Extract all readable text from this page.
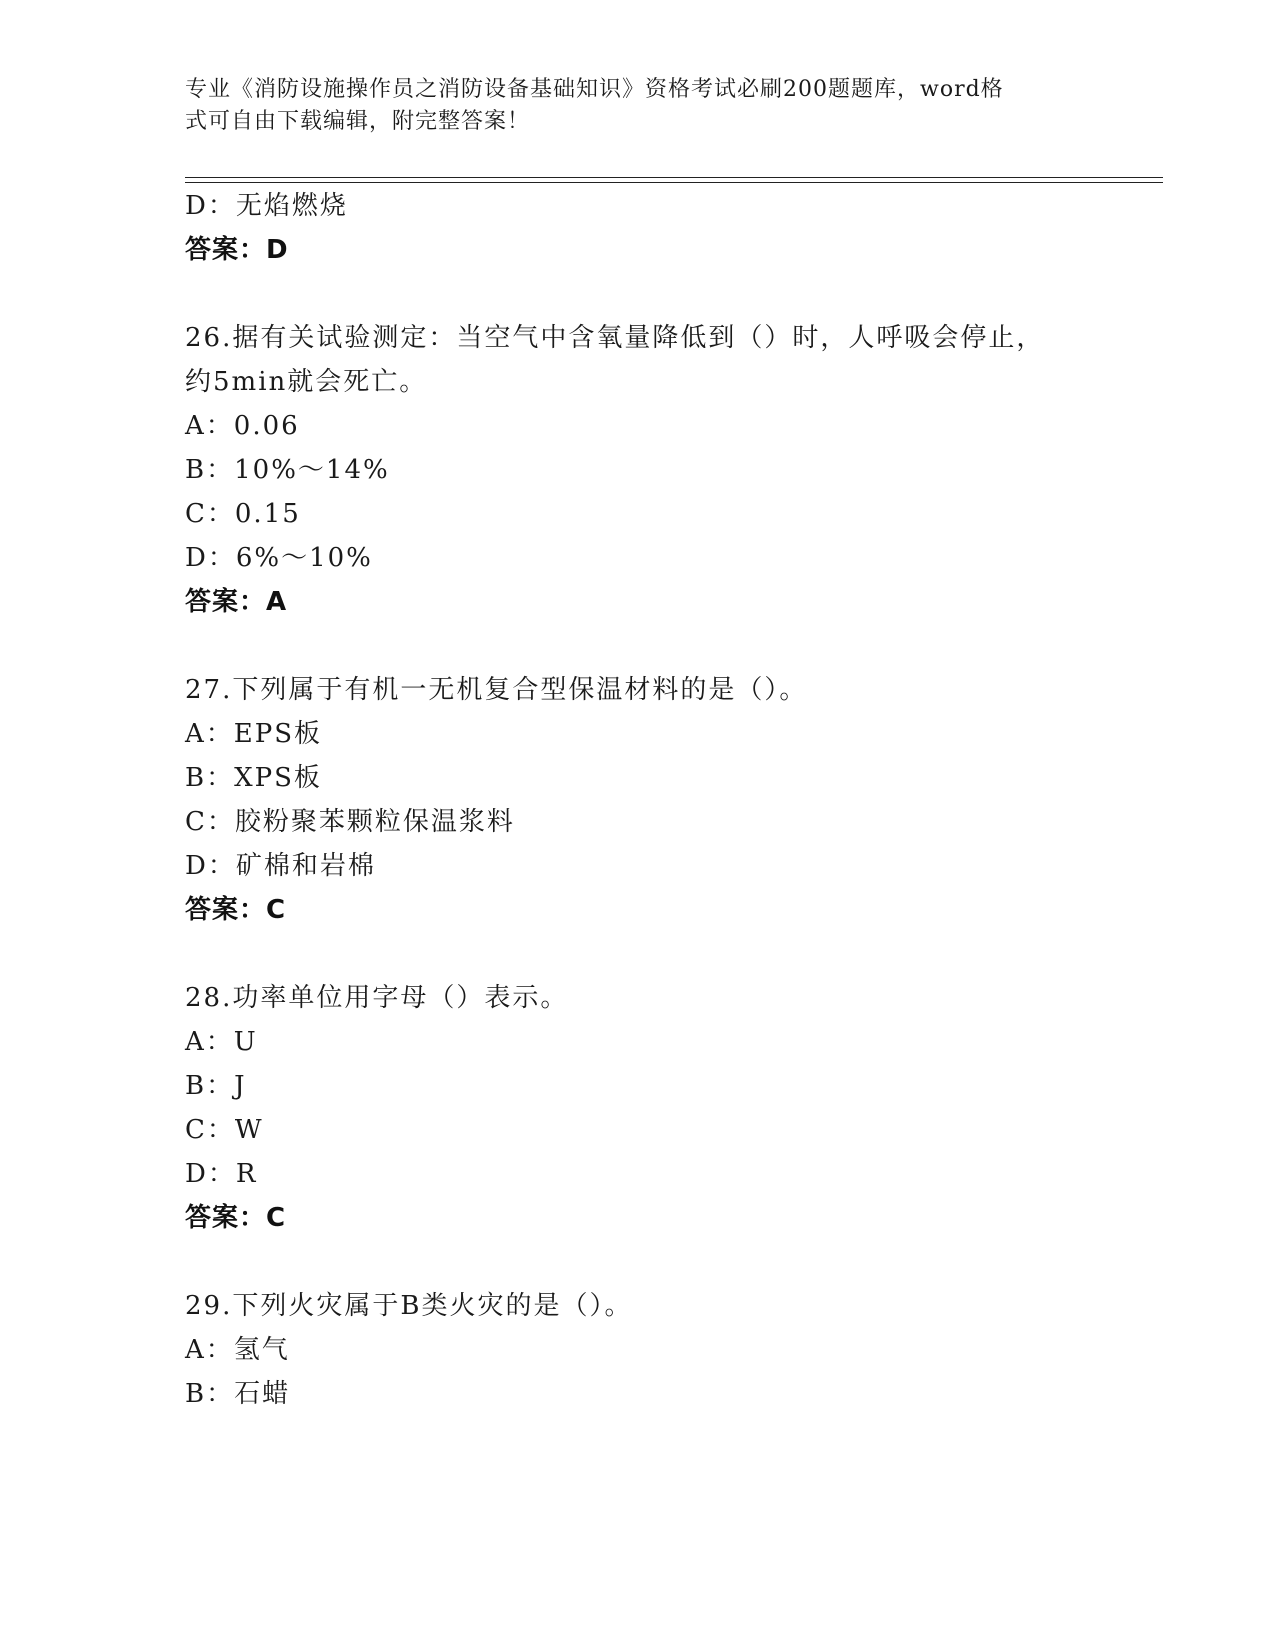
专业《消防设施操作员之消防设备基础知识》资格考试必刷200题题库，word格
式可自由下载编辑，附完整答案！
D：无焰燃烧
答案：D
26.据有关试验测定：当空气中含氧量降低到（）时，人呼吸会停止，
约5min就会死亡。
A：0.06
B：10%～14%
C：0.15
D：6%～10%
答案：A
27.下列属于有机一无机复合型保温材料的是（）。
A：EPS板
B：XPS板
C：胶粉聚苯颗粒保温浆料
D：矿棉和岩棉
答案：C
28.功率单位用字母（）表示。
A：U
B：J
C：W
D：R
答案：C
29.下列火灾属于B类火灾的是（）。
A：氢气
B：石蜡
